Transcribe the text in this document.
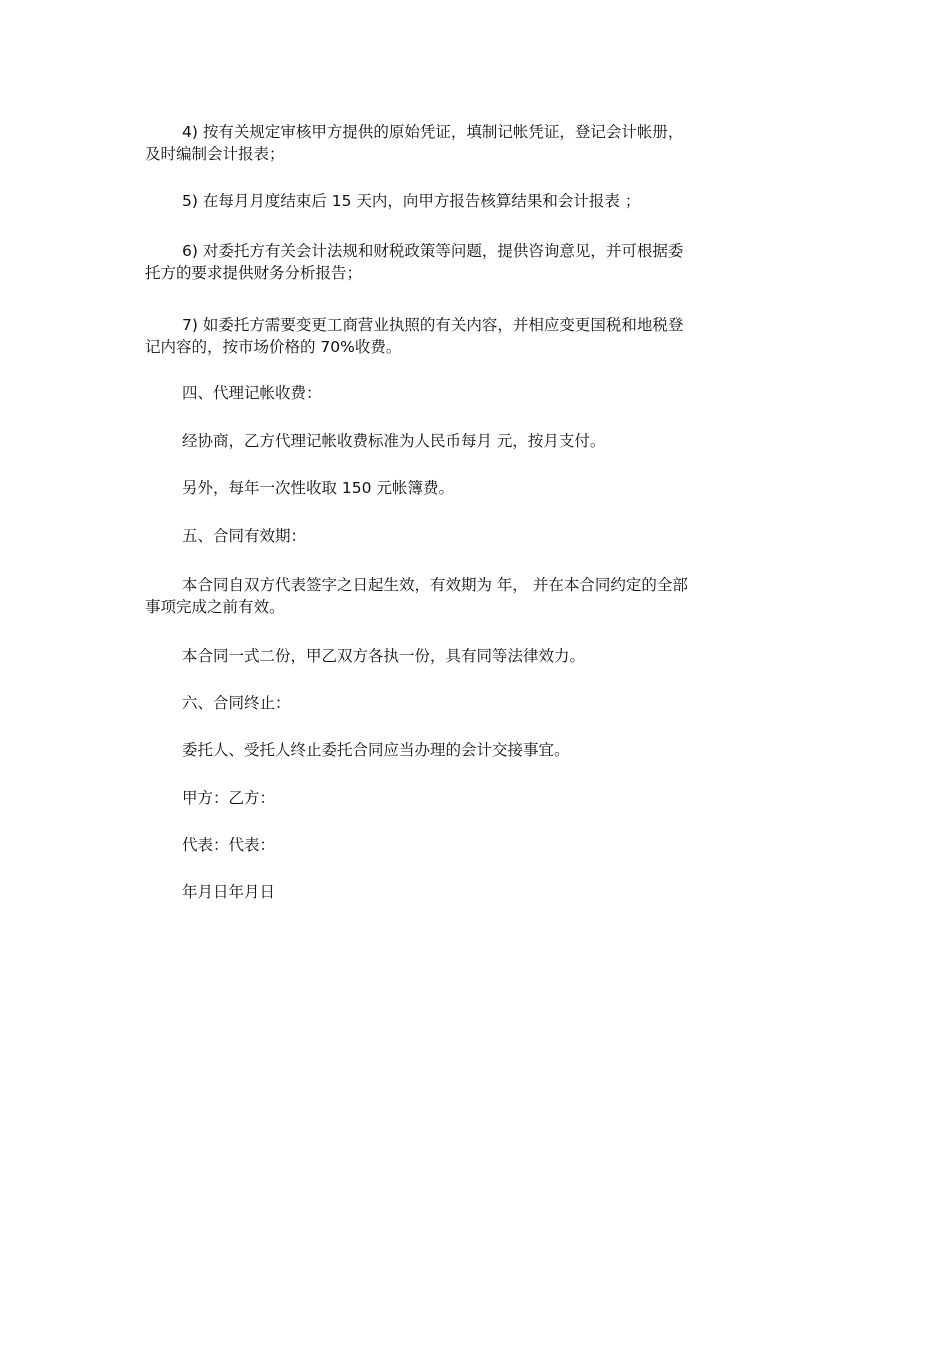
4) 按有关规定审核甲方提供的原始凭证，填制记帐凭证，登记会计帐册，
及时编制会计报表；
5) 在每月月度结束后 15 天内，向甲方报告核算结果和会计报表 ；
6) 对委托方有关会计法规和财税政策等问题，提供咨询意见，并可根据委
托方的要求提供财务分析报告；
7) 如委托方需要变更工商营业执照的有关内容，并相应变更国税和地税登
记内容的，按市场价格的 70%收费。
四、代理记帐收费：
经协商，乙方代理记帐收费标准为人民币每月 元，按月支付。
另外，每年一次性收取 150 元帐簿费。
五、合同有效期：
本合同自双方代表签字之日起生效，有效期为 年， 并在本合同约定的全部
事项完成之前有效。
本合同一式二份，甲乙双方各执一份，具有同等法律效力。
六、合同终止：
委托人、受托人终止委托合同应当办理的会计交接事宜。
甲方：乙方：
代表：代表：
年月日年月日
